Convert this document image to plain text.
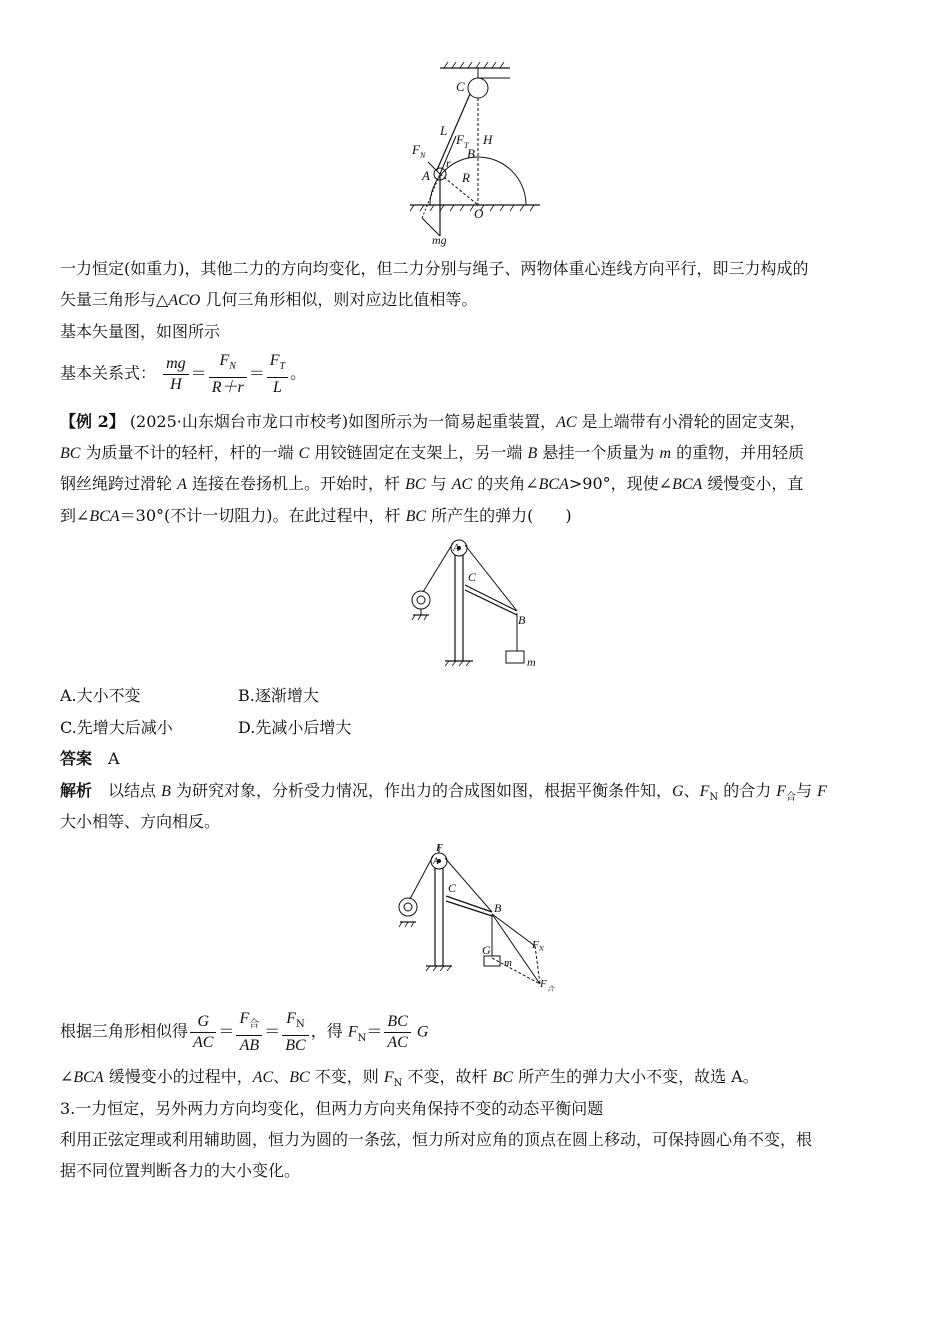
C
L
F T H
F N
r
B
A R
O
mg
一力恒定(如重力)，其他二力的方向均变化，但二力分别与绳子、两物体重心连线方向平行，即三力构成的
矢量三角形与△ACO 几何三角形相似，则对应边比值相等。
基本矢量图，如图所示
基本关系式： $\frac{mg}{H} = \frac{F_N}{R+r} = \frac{F_T}{L}$ 。
【例 2】 (2025·山东烟台市龙口市校考)如图所示为一简易起重装置，AC 是上端带有小滑轮的固定支架，
BC 为质量不计的轻杆，杆的一端 C 用铰链固定在支架上，另一端 B 悬挂一个质量为 m 的重物，并用轻质
钢丝绳跨过滑轮 A 连接在卷扬机上。开始时，杆 BC 与 AC 的夹角∠BCA>90°，现使∠BCA 缓慢变小，直
到∠BCA＝30°(不计一切阻力)。在此过程中，杆 BC 所产生的弹力(　　)
A
C
B
m
A.大小不变	B.逐渐增大
C.先增大后减小	D.先减小后增大
答案　 A
解析　 以结点 B 为研究对象，分析受力情况，作出力的合成图如图，根据平衡条件知，G、$F_N$ 的合力 $F_合$与 F
大小相等、方向相反。
F
A
C
B
G
m
F N
F 合
根据三角形相似得 $\frac{G}{AC} = \frac{F_合}{AB} = \frac{F_N}{BC}$ ，得 $F_N= \frac{BC}{AC}$ G
∠BCA 缓慢变小的过程中，AC、BC 不变，则 $F_N$ 不变，故杆 BC 所产生的弹力大小不变，故选 A。
3.一力恒定，另外两力方向均变化，但两力方向夹角保持不变的动态平衡问题
利用正弦定理或利用辅助圆，恒力为圆的一条弦，恒力所对应角的顶点在圆上移动，可保持圆心角不变，根
据不同位置判断各力的大小变化。
